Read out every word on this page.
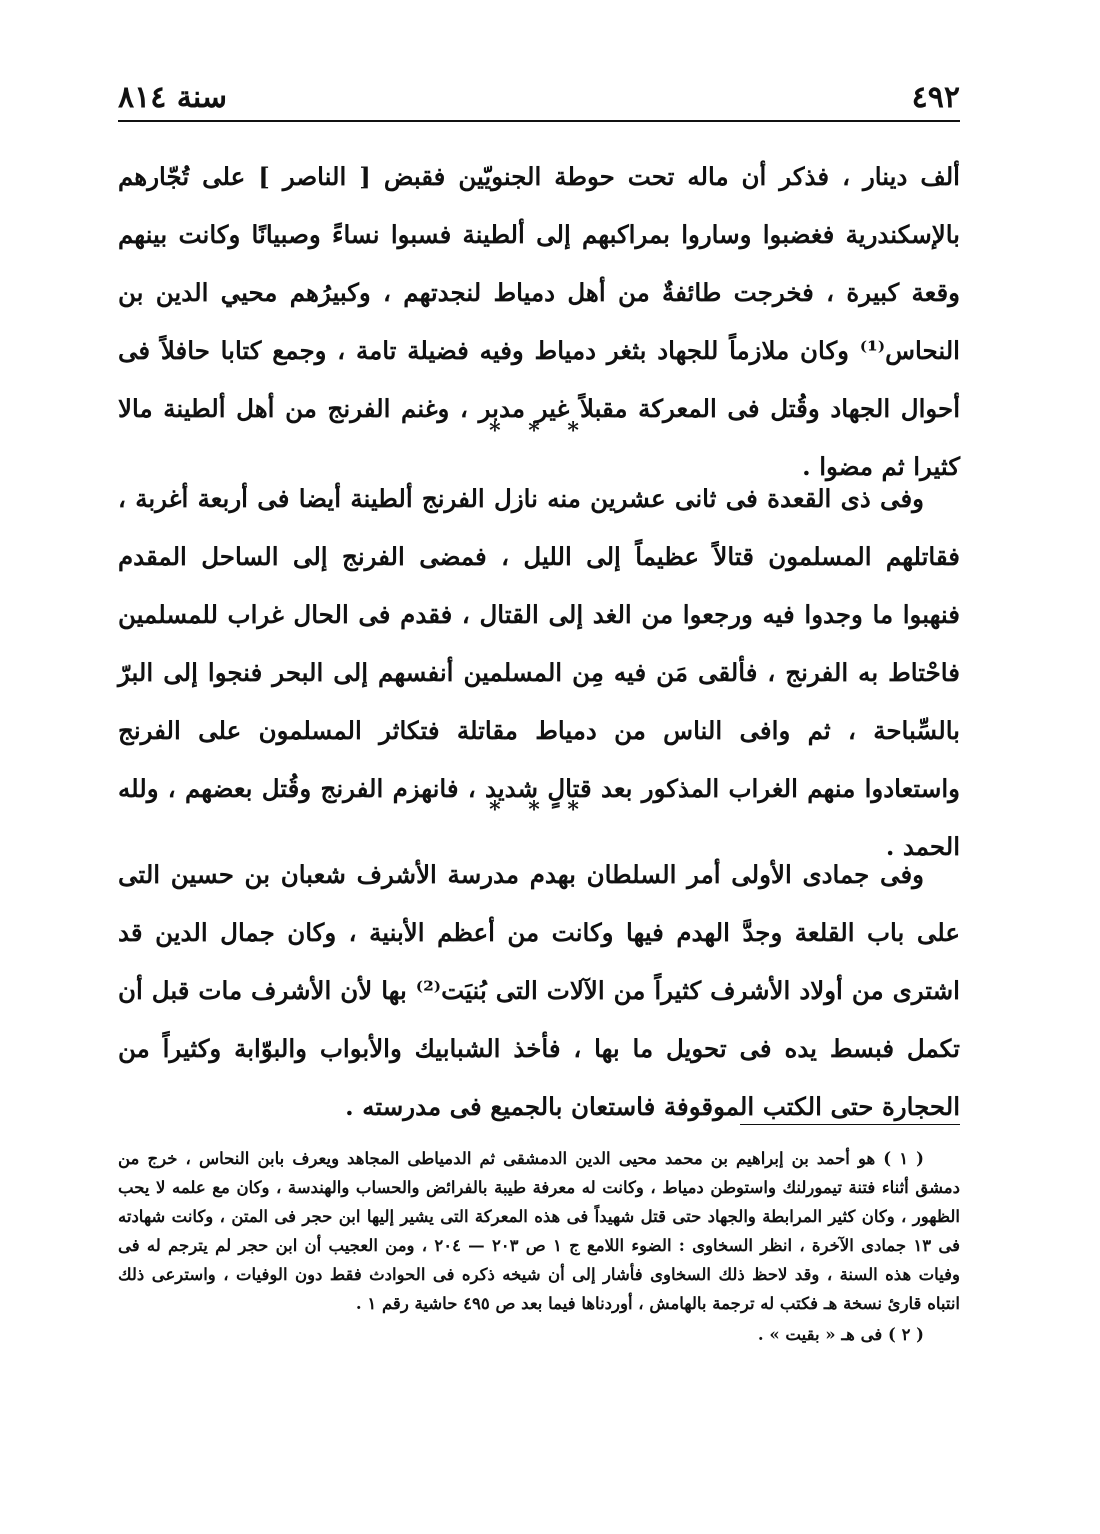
٤٩٢
سنة ٨١٤

ألف دينار ، فذكر أن ماله تحت حوطة الجنويّين فقبض [ الناصر ] على تُجّارهم بالإسكندرية فغضبوا وساروا بمراكبهم إلى ألطينة فسبوا نساءً وصبيانًا وكانت بينهم وقعة كبيرة ، فخرجت طائفةٌ من أهل دمياط لنجدتهم ، وكبيرُهم محيي الدين بن النحاس⁽¹⁾ وكان ملازماً للجهاد بثغر دمياط وفيه فضيلة تامة ، وجمع كتابا حافلاً فى أحوال الجهاد وقُتل فى المعركة مقبلاً غير مدبر ، وغنم الفرنج من أهل ألطينة مالا كثيرا ثم مضوا .

* * *

وفى ذى القعدة فى ثانى عشرين منه نازل الفرنج ألطينة أيضا فى أربعة أغربة ، فقاتلهم المسلمون قتالاً عظيماً إلى الليل ، فمضى الفرنج إلى الساحل المقدم فنهبوا ما وجدوا فيه ورجعوا من الغد إلى القتال ، فقدم فى الحال غراب للمسلمين فاحْتاط به الفرنج ، فألقى مَن فيه مِن المسلمين أنفسهم إلى البحر فنجوا إلى البرّ بالسِّباحة ، ثم وافى الناس من دمياط مقاتلة فتكاثر المسلمون على الفرنج واستعادوا منهم الغراب المذكور بعد قتالٍ شديد ، فانهزم الفرنج وقُتل بعضهم ، ولله الحمد .

* * *

وفى جمادى الأولى أمر السلطان بهدم مدرسة الأشرف شعبان بن حسين التى على باب القلعة وجدَّ الهدم فيها وكانت من أعظم الأبنية ، وكان جمال الدين قد اشترى من أولاد الأشرف كثيراً من الآلات التى بُنيَت⁽²⁾ بها لأن الأشرف مات قبل أن تكمل فبسط يده فى تحويل ما بها ، فأخذ الشبابيك والأبواب والبوّابة وكثيراً من الحجارة حتى الكتب الموقوفة فاستعان بالجميع فى مدرسته .

( ١ ) هو أحمد بن إبراهيم بن محمد محيى الدين الدمشقى ثم الدمياطى المجاهد ويعرف بابن النحاس ، خرج من دمشق أثناء فتنة تيمورلنك واستوطن دمياط ، وكانت له معرفة طيبة بالفرائض والحساب والهندسة ، وكان مع علمه لا يحب الظهور ، وكان كثير المرابطة والجهاد حتى قتل شهيداً فى هذه المعركة التى يشير إليها ابن حجر فى المتن ، وكانت شهادته فى ١٣ جمادى الآخرة ، انظر السخاوى : الضوء اللامع ج ١ ص ٢٠٣ — ٢٠٤ ، ومن العجيب أن ابن حجر لم يترجم له فى وفيات هذه السنة ، وقد لاحظ ذلك السخاوى فأشار إلى أن شيخه ذكره فى الحوادث فقط دون الوفيات ، واسترعى ذلك انتباه قارئ نسخة هـ فكتب له ترجمة بالهامش ، أوردناها فيما بعد ص ٤٩٥ حاشية رقم ١ .

( ٢ ) فى هـ « بقيت » .
